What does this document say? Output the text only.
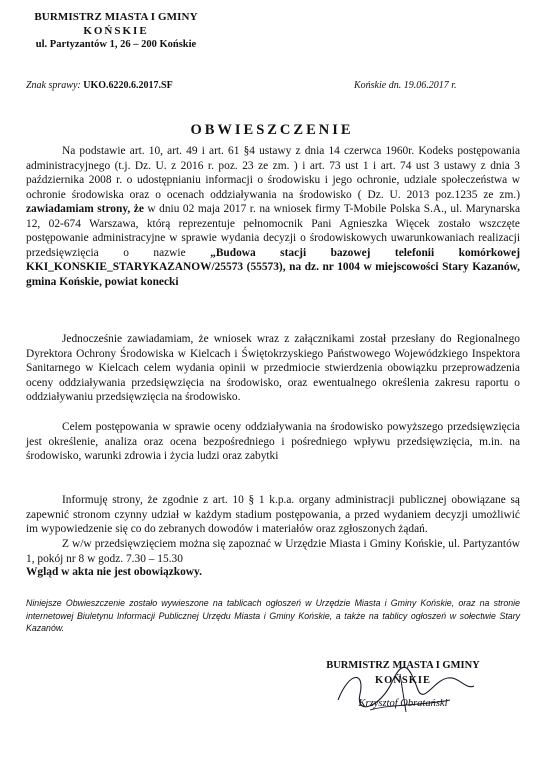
BURMISTRZ MIASTA I GMINY
KOŃSKIE
ul. Partyzantów 1, 26 – 200 Końskie
Znak sprawy: UKO.6220.6.2017.SF	Końskie dn. 19.06.2017 r.
OBWIESZCZENIE

Na podstawie art. 10, art. 49 i art. 61 §4 ustawy z dnia 14 czerwca 1960r. Kodeks postępowania administracyjnego (t.j. Dz. U. z 2016 r. poz. 23 ze zm. ) i art. 73 ust 1 i art. 74 ust 3 ustawy z dnia 3 października 2008 r. o udostępnianiu informacji o środowisku i jego ochronie, udziale społeczeństwa w ochronie środowiska oraz o ocenach oddziaływania na środowisko ( Dz. U. 2013 poz.1235 ze zm.) zawiadamiam strony, że w dniu 02 maja 2017 r. na wniosek firmy T-Mobile Polska S.A., ul. Marynarska 12, 02-674 Warszawa, którą reprezentuje pełnomocnik Pani Agnieszka Więcek zostało wszczęte postępowanie administracyjne w sprawie wydania decyzji o środowiskowych uwarunkowaniach realizacji przedsięwzięcia o nazwie „Budowa stacji bazowej telefonii komórkowej KKI_KONSKIE_STARYKAZANOW/25573 (55573), na dz. nr 1004 w miejscowości Stary Kazanów, gmina Końskie, powiat konecki

Jednocześnie zawiadamiam, że wniosek wraz z załącznikami został przesłany do Regionalnego Dyrektora Ochrony Środowiska w Kielcach i Świętokrzyskiego Państwowego Wojewódzkiego Inspektora Sanitarnego w Kielcach celem wydania opinii w przedmiocie stwierdzenia obowiązku przeprowadzenia oceny oddziaływania przedsięwzięcia na środowisko, oraz ewentualnego określenia zakresu raportu o oddziaływaniu przedsięwzięcia na środowisko.

Celem postępowania w sprawie oceny oddziaływania na środowisko powyższego przedsięwzięcia jest określenie, analiza oraz ocena bezpośredniego i pośredniego wpływu przedsięwzięcia, m.in. na środowisko, warunki zdrowia i życia ludzi oraz zabytki

Informuję strony, że zgodnie z art. 10 § 1 k.p.a. organy administracji publicznej obowiązane są zapewnić stronom czynny udział w każdym stadium postępowania, a przed wydaniem decyzji umożliwić im wypowiedzenie się co do zebranych dowodów i materiałów oraz zgłoszonych żądań.

Z w/w przedsięwzięciem można się zapoznać w Urzędzie Miasta i Gminy Końskie, ul. Partyzantów 1, pokój nr 8 w godz. 7.30 – 15.30

Wgląd w akta nie jest obowiązkowy.
Niniejsze Obwieszczenie zostało wywieszone na tablicach ogłoszeń w Urzędzie Miasta i Gminy Końskie, oraz na stronie internetowej Biuletynu Informacji Publicznej Urzędu Miasta i Gminy Końskie, a także na tablicy ogłoszeń w sołectwie Stary Kazanów.
BURMISTRZ MIASTA I GMINY
KOŃSKIE
Krzysztof Obratański
